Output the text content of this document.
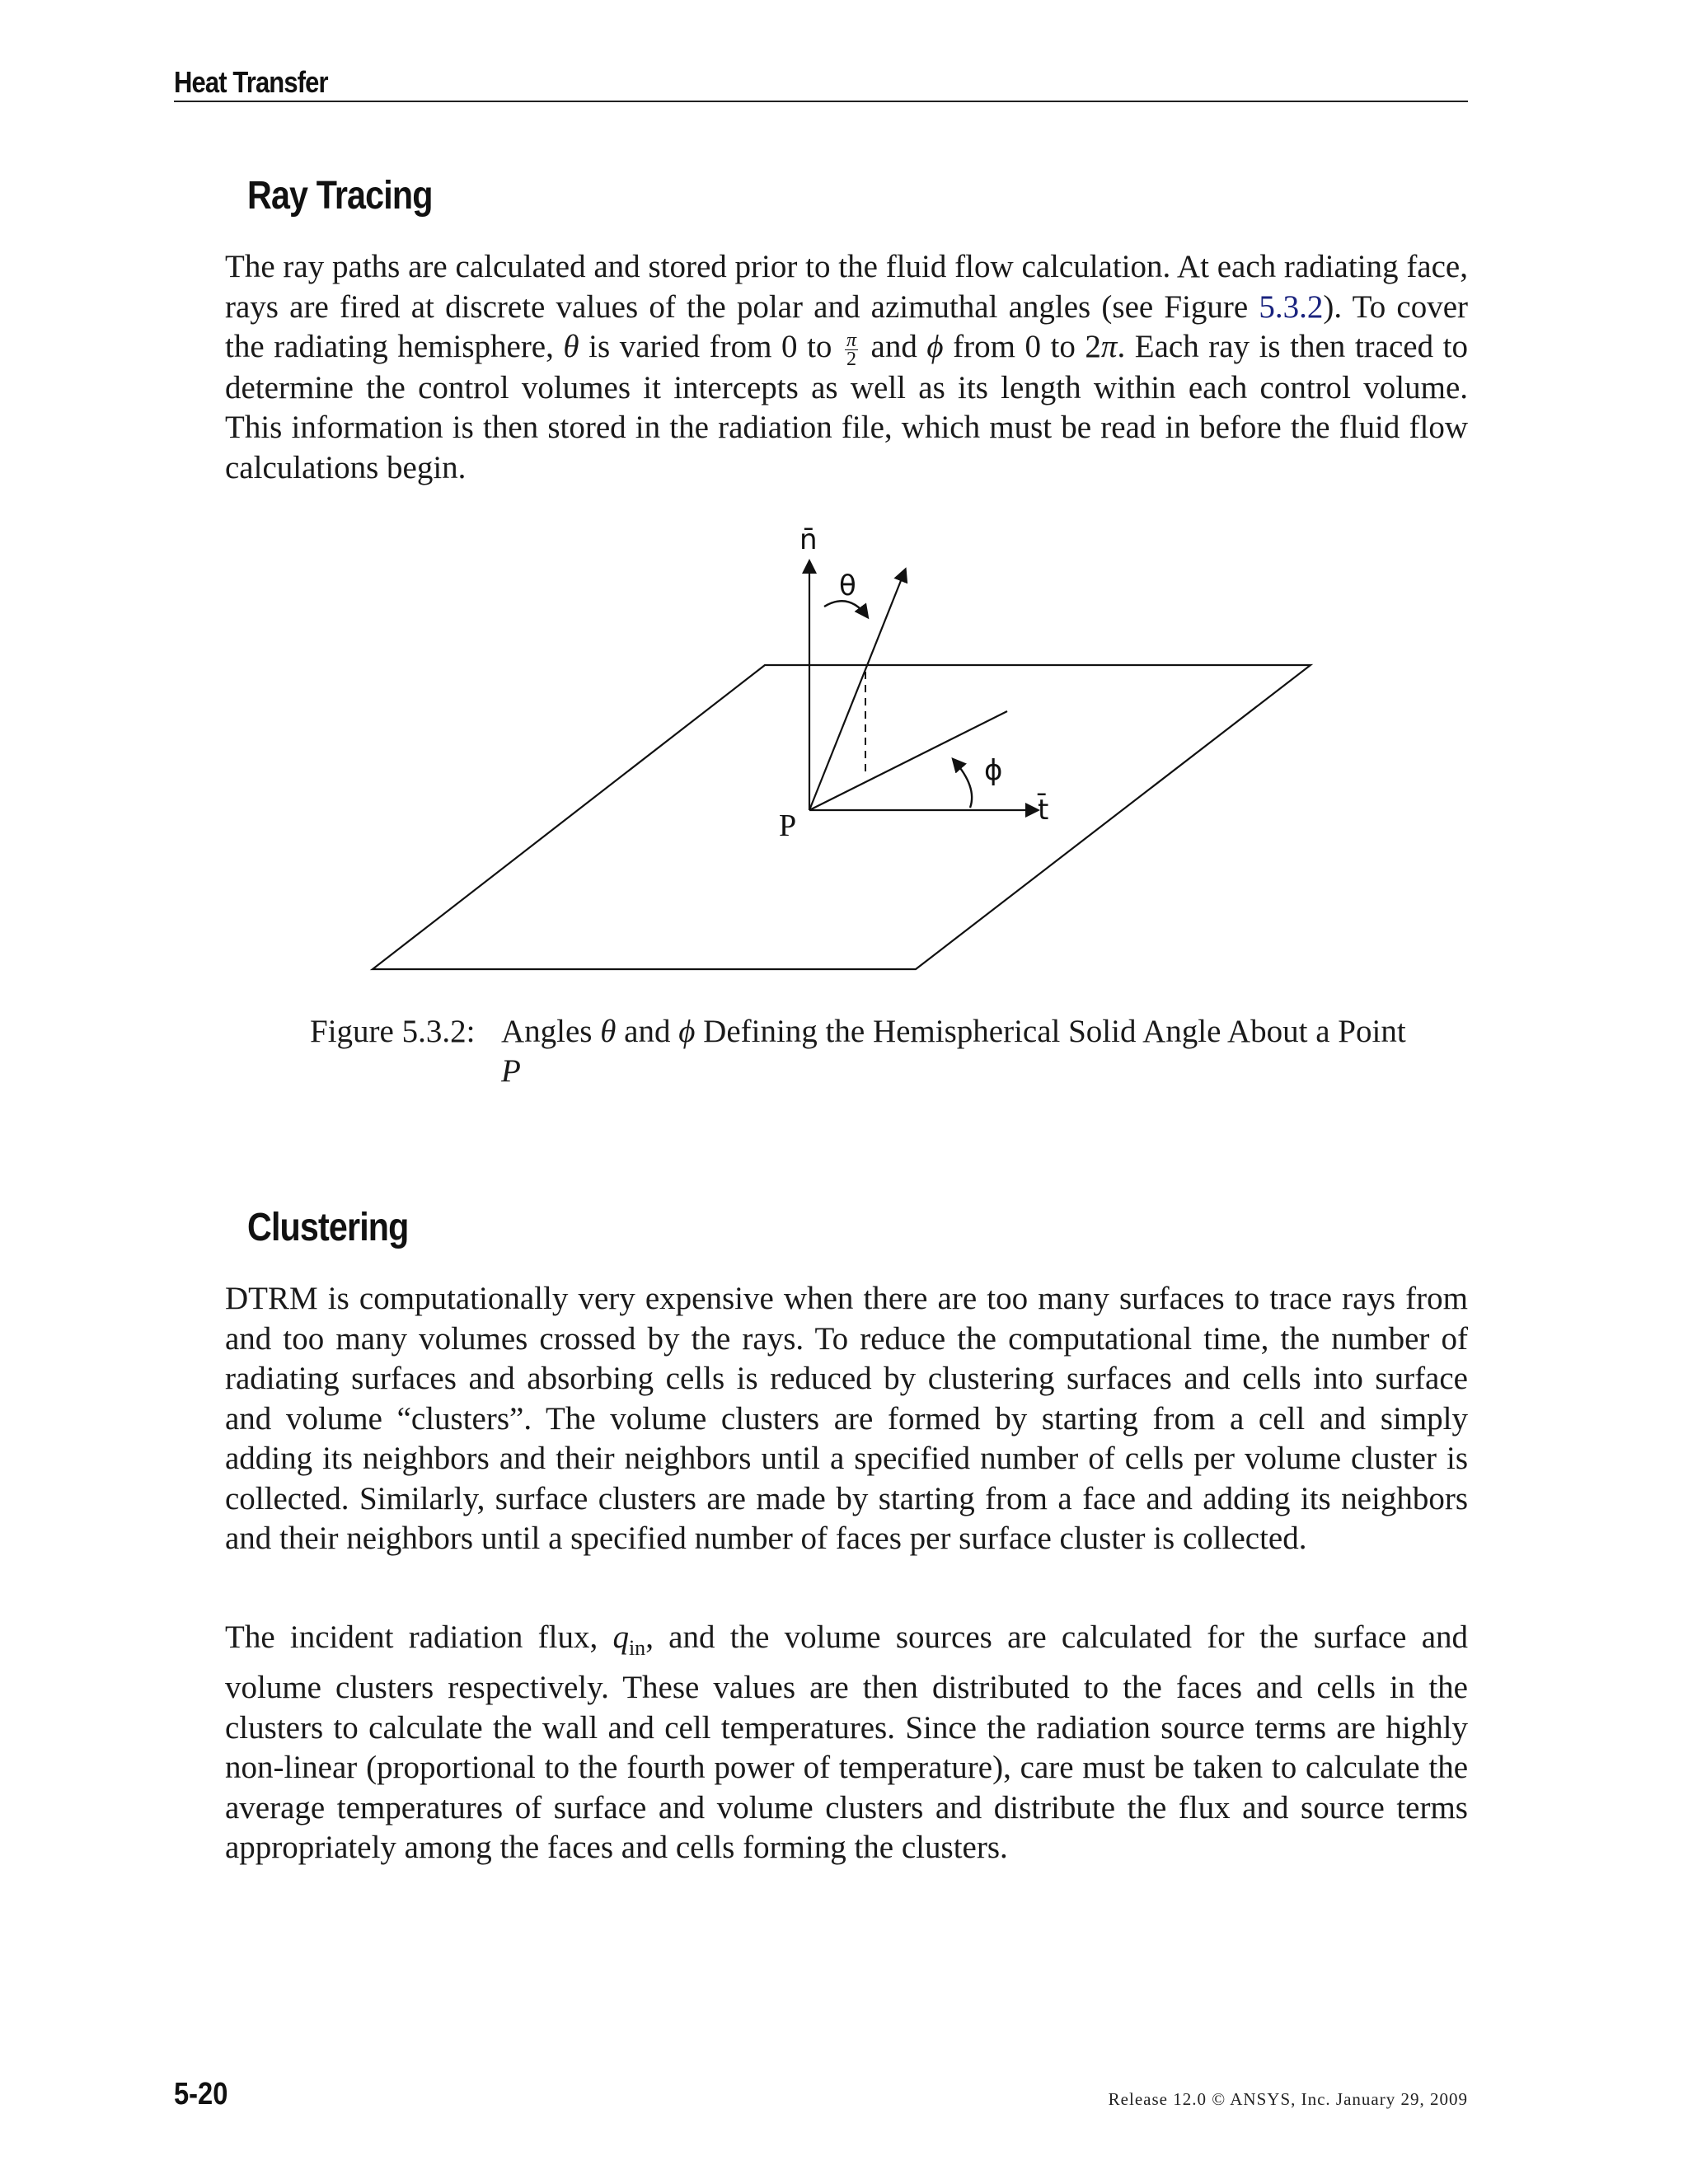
Heat Transfer
Ray Tracing

The ray paths are calculated and stored prior to the fluid flow calculation. At each radiating face, rays are fired at discrete values of the polar and azimuthal angles (see Figure 5.3.2). To cover the radiating hemisphere, θ is varied from 0 to $\frac{\pi}{2}$ and ϕ from 0 to 2π. Each ray is then traced to determine the control volumes it intercepts as well as its length within each control volume. This information is then stored in the radiation file, which must be read in before the fluid flow calculations begin.

n̄
θ
ϕ
t̄
P
Figure 5.3.2: Angles θ and ϕ Defining the Hemispherical Solid Angle About a Point P
Clustering

DTRM is computationally very expensive when there are too many surfaces to trace rays from and too many volumes crossed by the rays. To reduce the computational time, the number of radiating surfaces and absorbing cells is reduced by clustering surfaces and cells into surface and volume “clusters”. The volume clusters are formed by starting from a cell and simply adding its neighbors and their neighbors until a specified number of cells per volume cluster is collected. Similarly, surface clusters are made by starting from a face and adding its neighbors and their neighbors until a specified number of faces per surface cluster is collected.

The incident radiation flux, $q_{in}$, and the volume sources are calculated for the surface and volume clusters respectively. These values are then distributed to the faces and cells in the clusters to calculate the wall and cell temperatures. Since the radiation source terms are highly non-linear (proportional to the fourth power of temperature), care must be taken to calculate the average temperatures of surface and volume clusters and distribute the flux and source terms appropriately among the faces and cells forming the clusters.

5-20	Release 12.0 © ANSYS, Inc. January 29, 2009
